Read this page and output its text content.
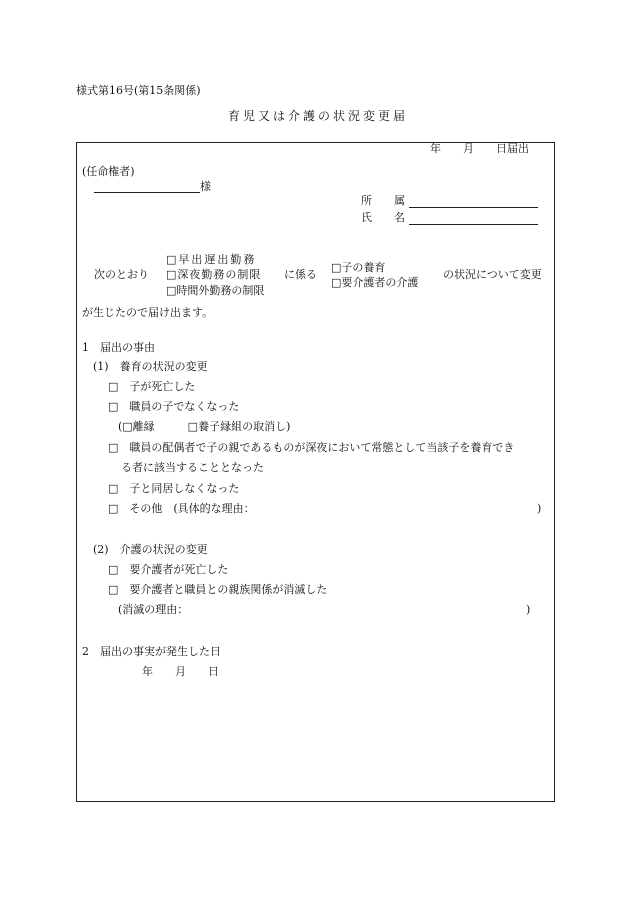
様式第16号(第15条関係)
育児又は介護の状況変更届
年　　月　　日届出
(任命権者)
様
所　　属
氏　　名
次のとおり
□早出遅出勤務
□深夜勤務の制限
□時間外勤務の制限
に係る
□子の養育
□要介護者の介護
の状況について変更
が生じたので届け出ます。
1　届出の事由
(1)　養育の状況の変更
□　子が死亡した
□　職員の子でなくなった
(□離縁　　　□養子縁組の取消し)
□　職員の配偶者で子の親であるものが深夜において常態として当該子を養育でき
る者に該当することとなった
□　子と同居しなくなった
□　その他　(具体的な理由：	)
(2)　介護の状況の変更
□　要介護者が死亡した
□　要介護者と職員との親族関係が消滅した
(消滅の理由：	)
2　届出の事実が発生した日
年　　月　　日
